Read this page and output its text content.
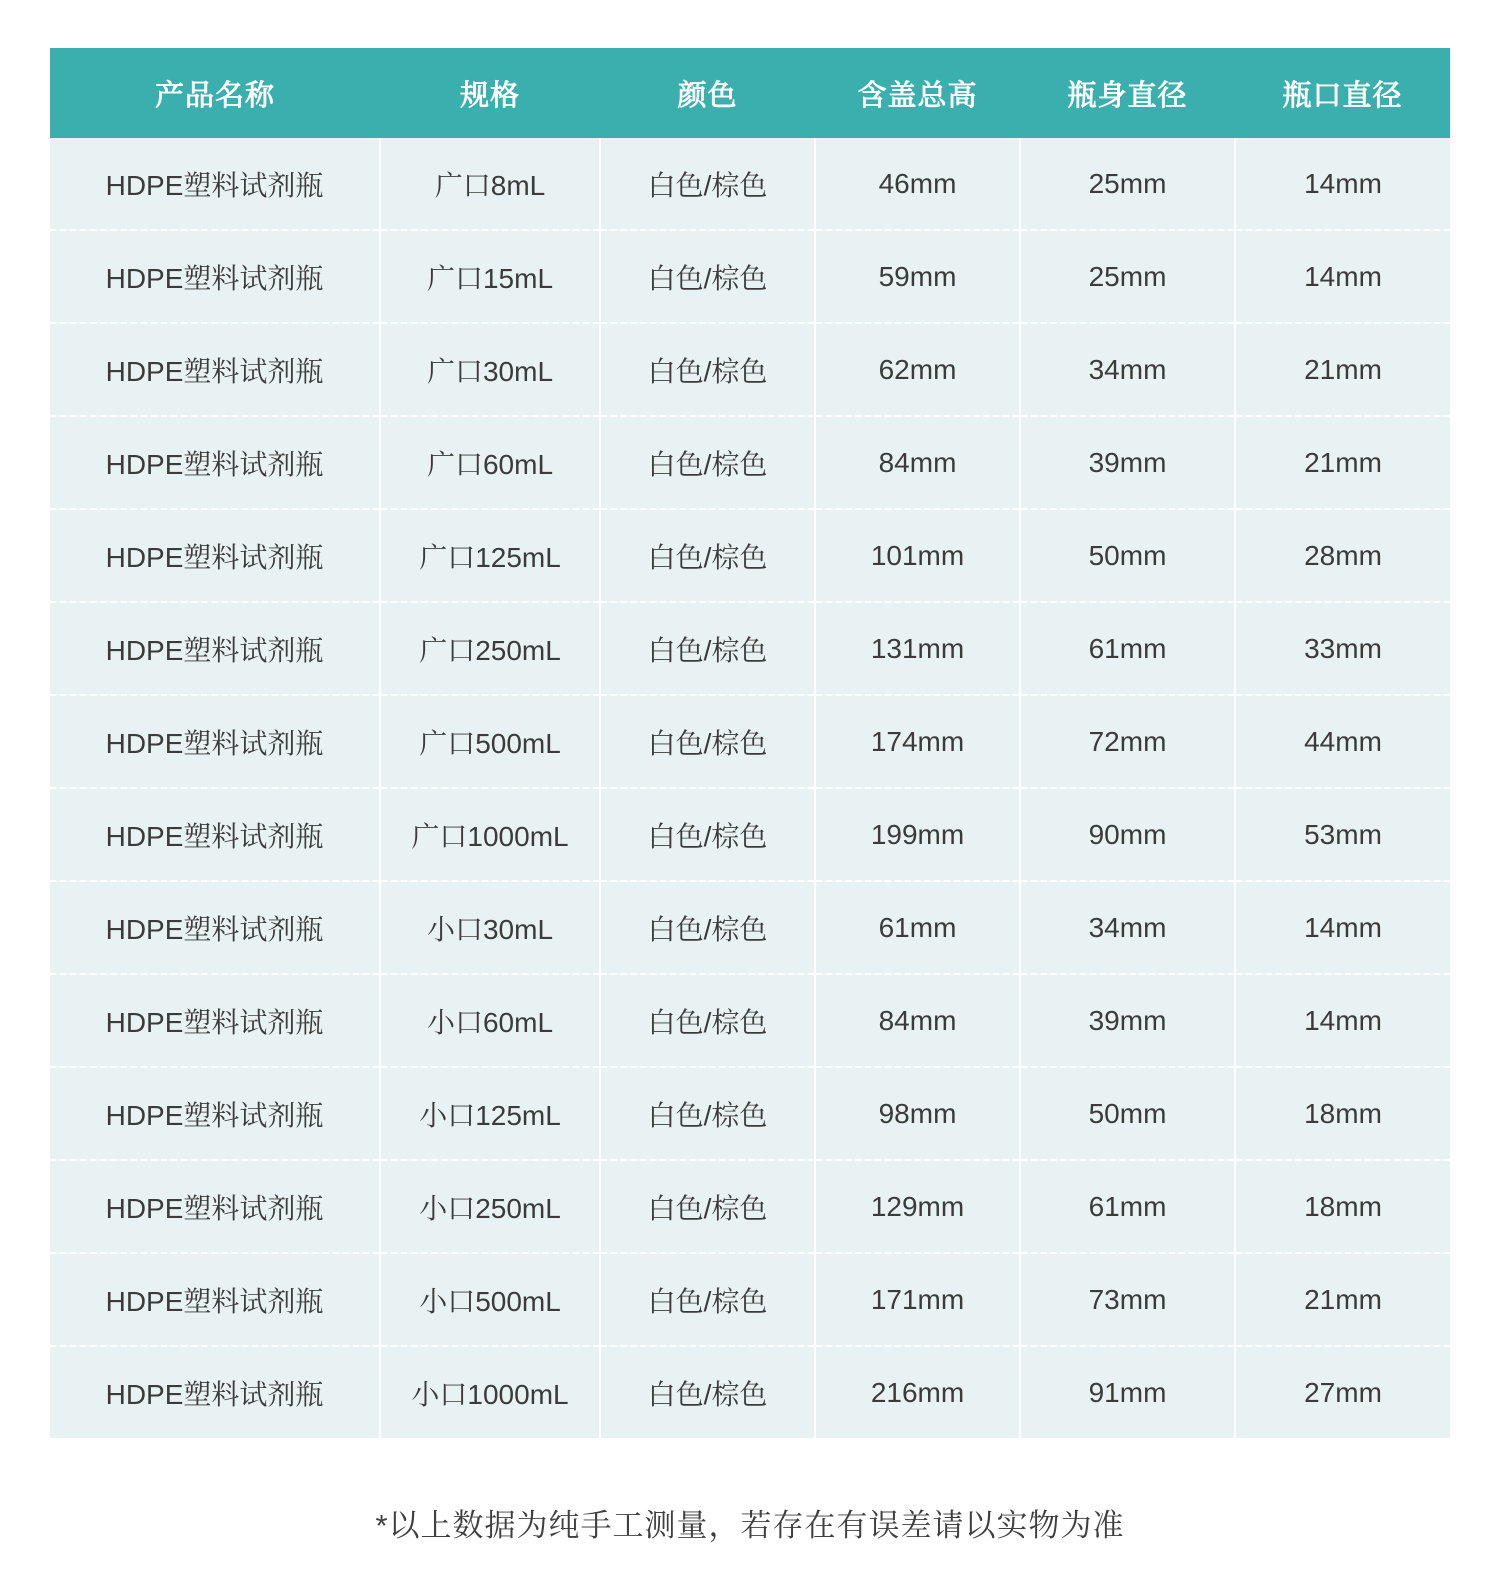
产品名称	规格	颜色	含盖总高	瓶身直径	瓶口直径
HDPE塑料试剂瓶	广口8mL	白色/棕色	46mm	25mm	14mm
HDPE塑料试剂瓶	广口15mL	白色/棕色	59mm	25mm	14mm
HDPE塑料试剂瓶	广口30mL	白色/棕色	62mm	34mm	21mm
HDPE塑料试剂瓶	广口60mL	白色/棕色	84mm	39mm	21mm
HDPE塑料试剂瓶	广口125mL	白色/棕色	101mm	50mm	28mm
HDPE塑料试剂瓶	广口250mL	白色/棕色	131mm	61mm	33mm
HDPE塑料试剂瓶	广口500mL	白色/棕色	174mm	72mm	44mm
HDPE塑料试剂瓶	广口1000mL	白色/棕色	199mm	90mm	53mm
HDPE塑料试剂瓶	小口30mL	白色/棕色	61mm	34mm	14mm
HDPE塑料试剂瓶	小口60mL	白色/棕色	84mm	39mm	14mm
HDPE塑料试剂瓶	小口125mL	白色/棕色	98mm	50mm	18mm
HDPE塑料试剂瓶	小口250mL	白色/棕色	129mm	61mm	18mm
HDPE塑料试剂瓶	小口500mL	白色/棕色	171mm	73mm	21mm
HDPE塑料试剂瓶	小口1000mL	白色/棕色	216mm	91mm	27mm
*以上数据为纯手工测量，若存在有误差请以实物为准
